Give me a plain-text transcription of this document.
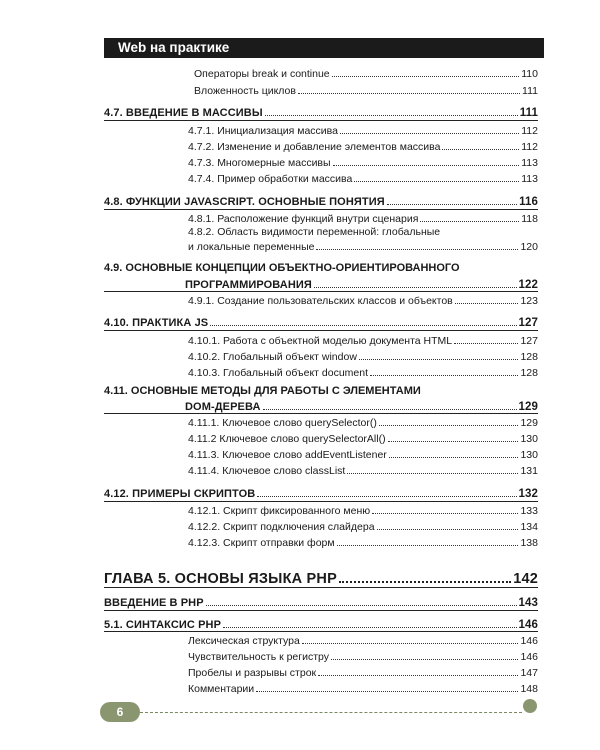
Web на практике
Операторы break и continue	110
Вложенность циклов	111
4.7. ВВЕДЕНИЕ В МАССИВЫ	111
4.7.1. Инициализация массива	112
4.7.2. Изменение и добавление элементов массива	112
4.7.3. Многомерные массивы	113
4.7.4. Пример обработки массива	113
4.8. ФУНКЦИИ JAVASCRIPT. ОСНОВНЫЕ ПОНЯТИЯ	116
4.8.1. Расположение функций внутри сценария	118
4.8.2. Область видимости переменной: глобальные
и локальные переменные	120
4.9. ОСНОВНЫЕ КОНЦЕПЦИИ ОБЪЕКТНО-ОРИЕНТИРОВАННОГО
ПРОГРАММИРОВАНИЯ	122
4.9.1. Создание пользовательских классов и объектов	123
4.10. ПРАКТИКА JS	127
4.10.1. Работа с объектной моделью документа HTML	127
4.10.2. Глобальный объект window	128
4.10.3. Глобальный объект document	128
4.11. ОСНОВНЫЕ МЕТОДЫ ДЛЯ РАБОТЫ С ЭЛЕМЕНТАМИ
DOM-ДЕРЕВА	129
4.11.1. Ключевое слово querySelector()	129
4.11.2 Ключевое слово querySelectorAll()	130
4.11.3. Ключевое слово addEventListener	130
4.11.4. Ключевое слово classList	131
4.12. ПРИМЕРЫ СКРИПТОВ	132
4.12.1. Скрипт фиксированного меню	133
4.12.2. Скрипт подключения слайдера	134
4.12.3. Скрипт отправки форм	138
ГЛАВА 5. ОСНОВЫ ЯЗЫКА PHP	142
ВВЕДЕНИЕ В PHP	143
5.1. СИНТАКСИС PHP	146
Лексическая структура	146
Чувствительность к регистру	146
Пробелы и разрывы строк	147
Комментарии	148
6
